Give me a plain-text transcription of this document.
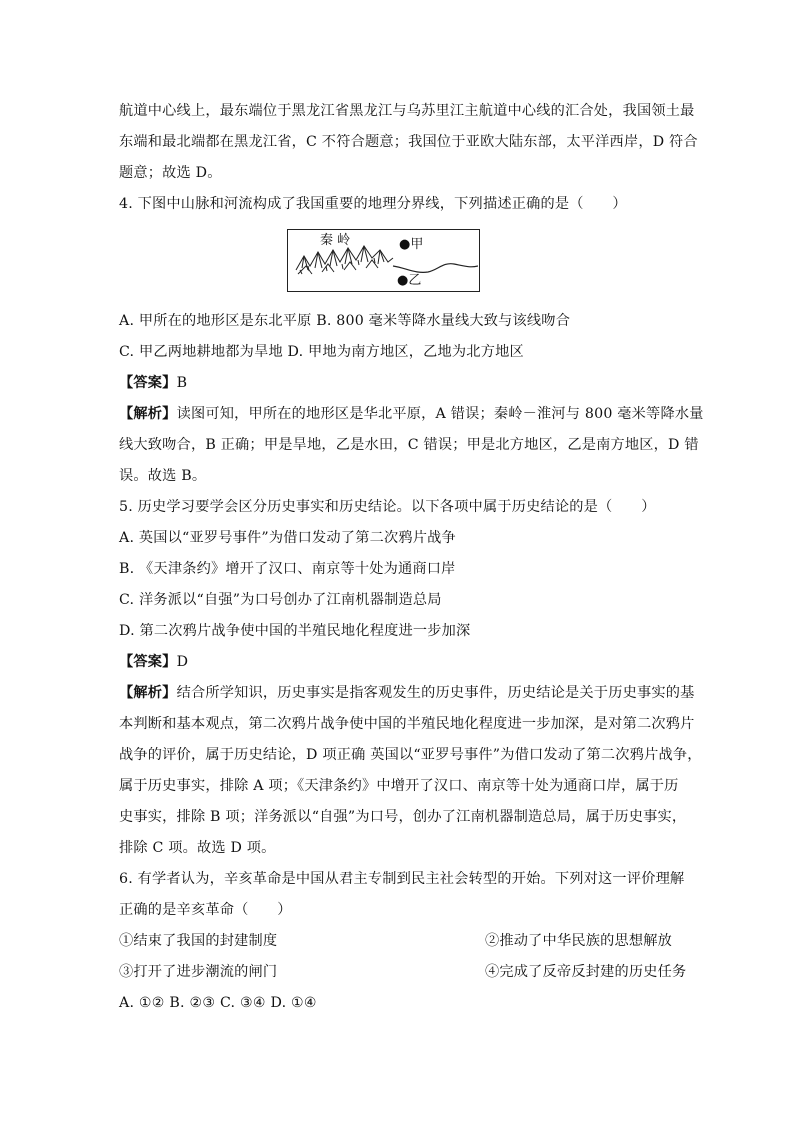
航道中心线上，最东端位于黑龙江省黑龙江与乌苏里江主航道中心线的汇合处，我国领土最
东端和最北端都在黑龙江省，C 不符合题意；我国位于亚欧大陆东部，太平洋西岸，D 符合
题意；故选 D。
4. 下图中山脉和河流构成了我国重要的地理分界线，下列描述正确的是（　　）
秦 岭	●甲
●乙
A. 甲所在的地形区是东北平原 B. 800 毫米等降水量线大致与该线吻合
C. 甲乙两地耕地都为旱地 D. 甲地为南方地区，乙地为北方地区
【答案】B
【解析】读图可知，甲所在的地形区是华北平原，A 错误；秦岭－淮河与 800 毫米等降水量
线大致吻合，B 正确；甲是旱地，乙是水田，C 错误；甲是北方地区，乙是南方地区，D 错
误。故选 B。
5. 历史学习要学会区分历史事实和历史结论。以下各项中属于历史结论的是（　　）
A. 英国以“亚罗号事件”为借口发动了第二次鸦片战争
B. 《天津条约》增开了汉口、南京等十处为通商口岸
C. 洋务派以“自强”为口号创办了江南机器制造总局
D. 第二次鸦片战争使中国的半殖民地化程度进一步加深
【答案】D
【解析】结合所学知识，历史事实是指客观发生的历史事件，历史结论是关于历史事实的基
本判断和基本观点，第二次鸦片战争使中国的半殖民地化程度进一步加深，是对第二次鸦片
战争的评价，属于历史结论，D 项正确 英国以“亚罗号事件”为借口发动了第二次鸦片战争，
属于历史事实，排除 A 项；《天津条约》中增开了汉口、南京等十处为通商口岸，属于历
史事实，排除 B 项；洋务派以“自强”为口号，创办了江南机器制造总局，属于历史事实，
排除 C 项。故选 D 项。
6. 有学者认为，辛亥革命是中国从君主专制到民主社会转型的开始。下列对这一评价理解
正确的是辛亥革命（　　）
①结束了我国的封建制度	②推动了中华民族的思想解放
③打开了进步潮流的闸门	④完成了反帝反封建的历史任务
A. ①② B. ②③ C. ③④ D. ①④
